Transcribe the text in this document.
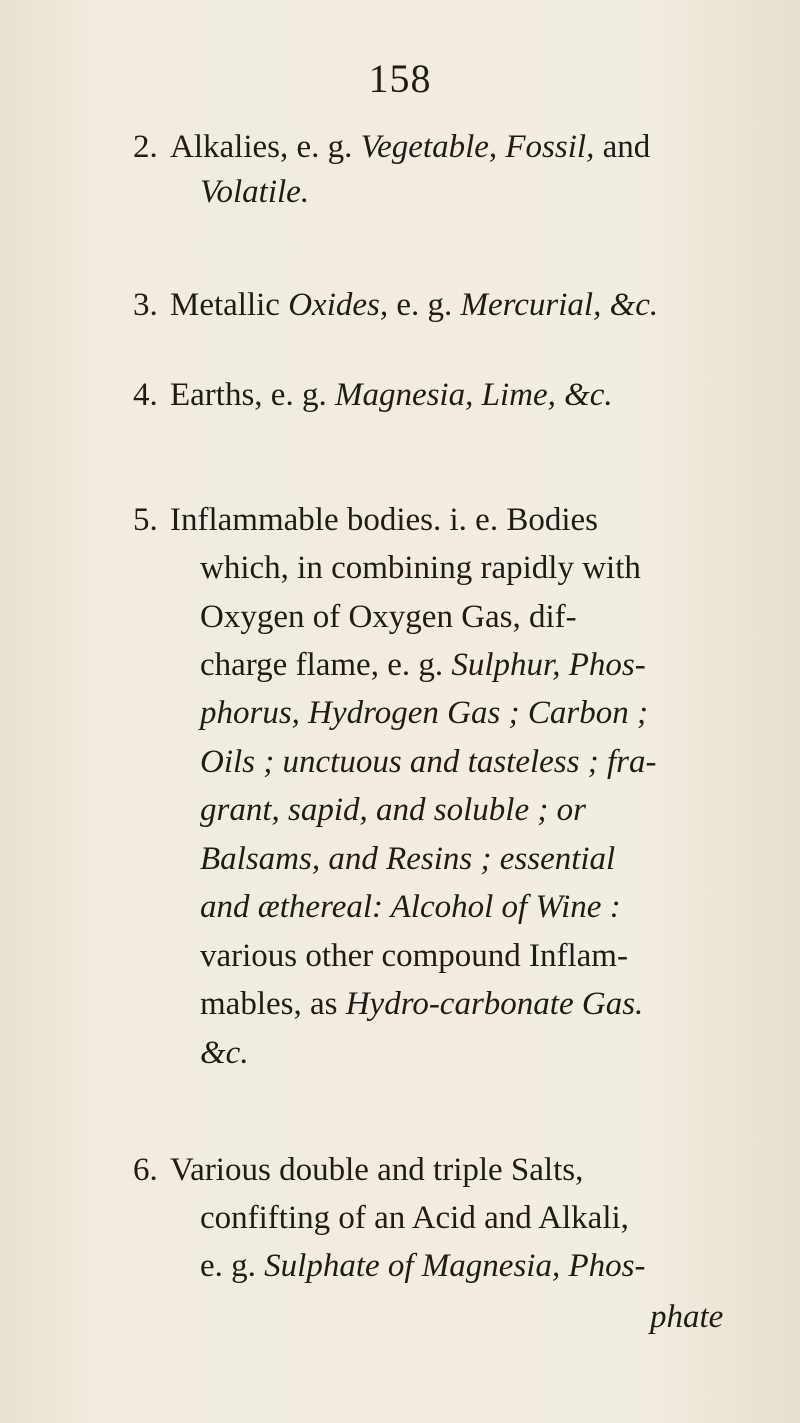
158
2. Alkalies, e. g. Vegetable, Fossil, and
Volatile.
3. Metallic Oxides, e. g. Mercurial, &c.
4. Earths, e. g. Magnesia, Lime, &c.
5. Inflammable bodies. i. e. Bodies
which, in combining rapidly with
Oxygen of Oxygen Gas, dif-
charge flame, e. g. Sulphur, Phos-
phorus, Hydrogen Gas ; Carbon ;
Oils ; unctuous and tasteless ; fra-
grant, sapid, and soluble ; or
Balsams, and Resins ; essential
and æthereal: Alcohol of Wine :
various other compound Inflam-
mables, as Hydro-carbonate Gas.
&c.
6. Various double and triple Salts,
confifting of an Acid and Alkali,
e. g. Sulphate of Magnesia, Phos-
phate
